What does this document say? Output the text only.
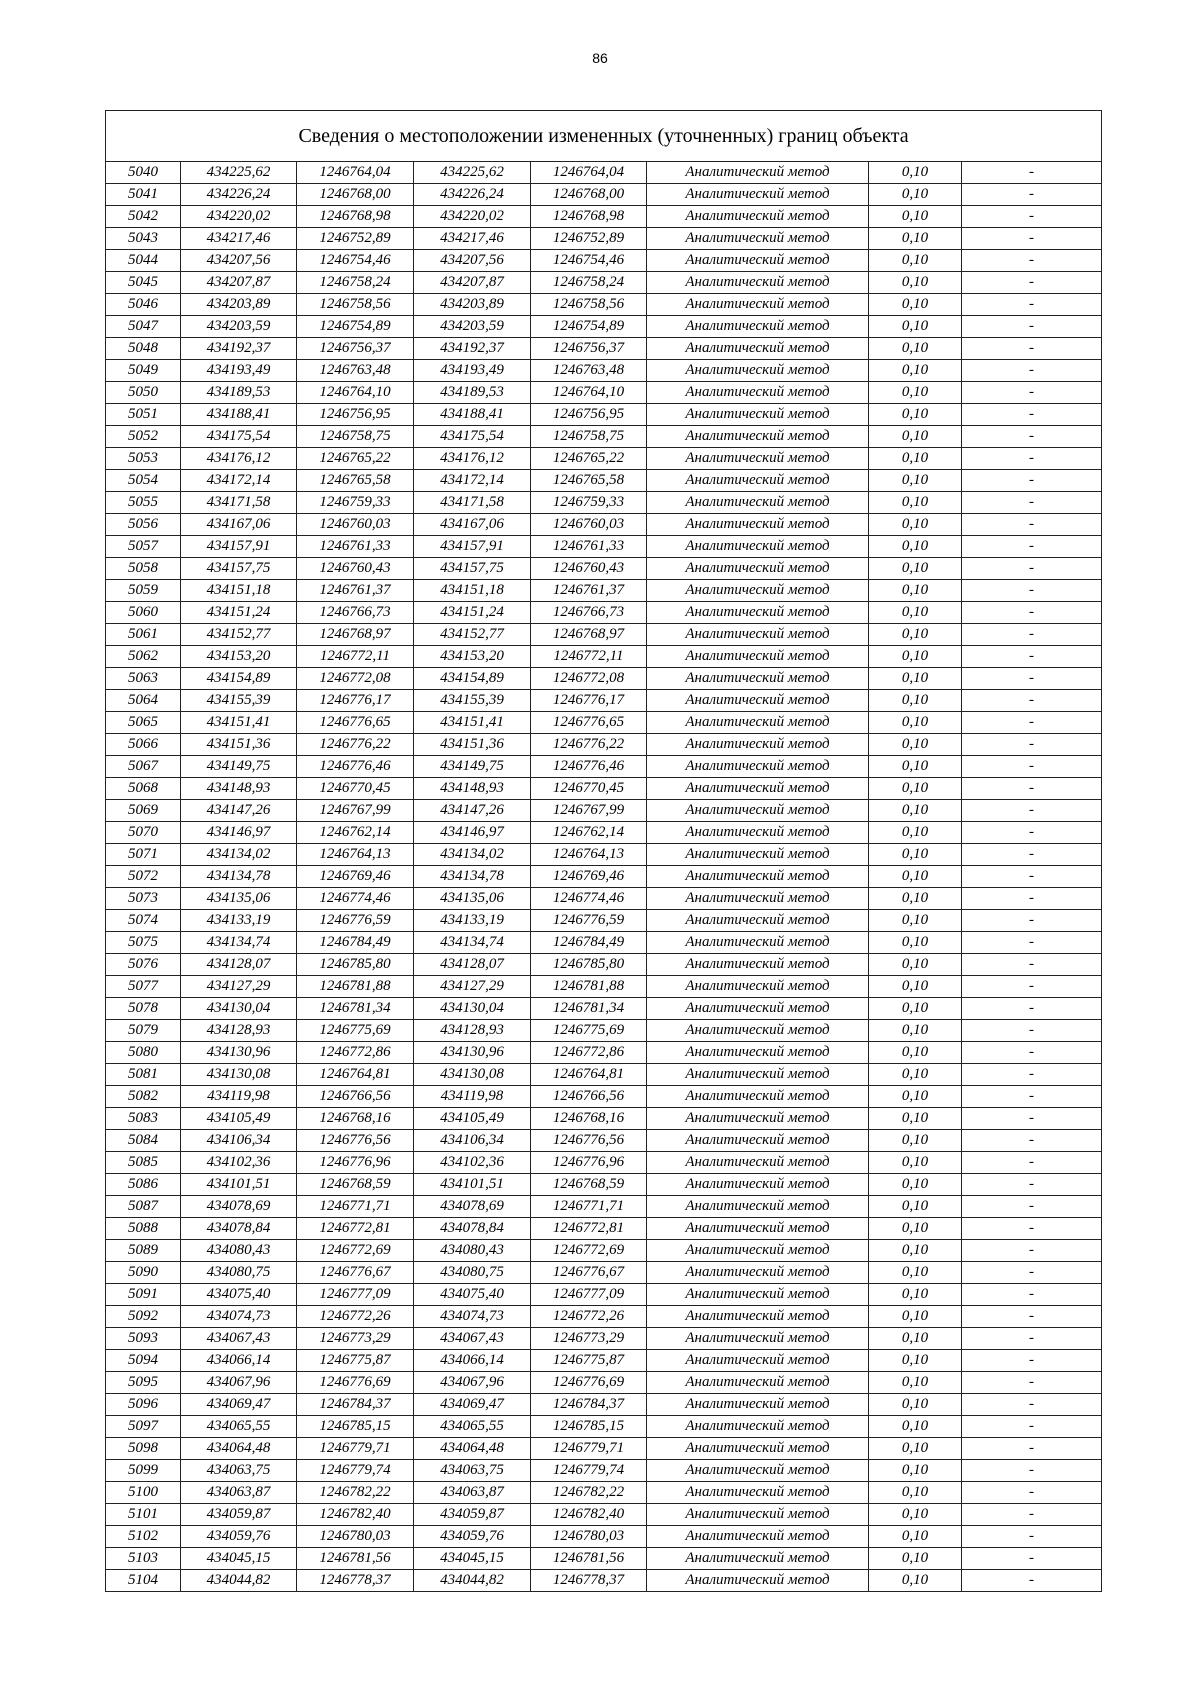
86
Сведения о местоположении измененных (уточненных) границ объекта							
5040	434225,62	1246764,04	434225,62	1246764,04	Аналитический метод	0,10	-
5041	434226,24	1246768,00	434226,24	1246768,00	Аналитический метод	0,10	-
5042	434220,02	1246768,98	434220,02	1246768,98	Аналитический метод	0,10	-
5043	434217,46	1246752,89	434217,46	1246752,89	Аналитический метод	0,10	-
5044	434207,56	1246754,46	434207,56	1246754,46	Аналитический метод	0,10	-
5045	434207,87	1246758,24	434207,87	1246758,24	Аналитический метод	0,10	-
5046	434203,89	1246758,56	434203,89	1246758,56	Аналитический метод	0,10	-
5047	434203,59	1246754,89	434203,59	1246754,89	Аналитический метод	0,10	-
5048	434192,37	1246756,37	434192,37	1246756,37	Аналитический метод	0,10	-
5049	434193,49	1246763,48	434193,49	1246763,48	Аналитический метод	0,10	-
5050	434189,53	1246764,10	434189,53	1246764,10	Аналитический метод	0,10	-
5051	434188,41	1246756,95	434188,41	1246756,95	Аналитический метод	0,10	-
5052	434175,54	1246758,75	434175,54	1246758,75	Аналитический метод	0,10	-
5053	434176,12	1246765,22	434176,12	1246765,22	Аналитический метод	0,10	-
5054	434172,14	1246765,58	434172,14	1246765,58	Аналитический метод	0,10	-
5055	434171,58	1246759,33	434171,58	1246759,33	Аналитический метод	0,10	-
5056	434167,06	1246760,03	434167,06	1246760,03	Аналитический метод	0,10	-
5057	434157,91	1246761,33	434157,91	1246761,33	Аналитический метод	0,10	-
5058	434157,75	1246760,43	434157,75	1246760,43	Аналитический метод	0,10	-
5059	434151,18	1246761,37	434151,18	1246761,37	Аналитический метод	0,10	-
5060	434151,24	1246766,73	434151,24	1246766,73	Аналитический метод	0,10	-
5061	434152,77	1246768,97	434152,77	1246768,97	Аналитический метод	0,10	-
5062	434153,20	1246772,11	434153,20	1246772,11	Аналитический метод	0,10	-
5063	434154,89	1246772,08	434154,89	1246772,08	Аналитический метод	0,10	-
5064	434155,39	1246776,17	434155,39	1246776,17	Аналитический метод	0,10	-
5065	434151,41	1246776,65	434151,41	1246776,65	Аналитический метод	0,10	-
5066	434151,36	1246776,22	434151,36	1246776,22	Аналитический метод	0,10	-
5067	434149,75	1246776,46	434149,75	1246776,46	Аналитический метод	0,10	-
5068	434148,93	1246770,45	434148,93	1246770,45	Аналитический метод	0,10	-
5069	434147,26	1246767,99	434147,26	1246767,99	Аналитический метод	0,10	-
5070	434146,97	1246762,14	434146,97	1246762,14	Аналитический метод	0,10	-
5071	434134,02	1246764,13	434134,02	1246764,13	Аналитический метод	0,10	-
5072	434134,78	1246769,46	434134,78	1246769,46	Аналитический метод	0,10	-
5073	434135,06	1246774,46	434135,06	1246774,46	Аналитический метод	0,10	-
5074	434133,19	1246776,59	434133,19	1246776,59	Аналитический метод	0,10	-
5075	434134,74	1246784,49	434134,74	1246784,49	Аналитический метод	0,10	-
5076	434128,07	1246785,80	434128,07	1246785,80	Аналитический метод	0,10	-
5077	434127,29	1246781,88	434127,29	1246781,88	Аналитический метод	0,10	-
5078	434130,04	1246781,34	434130,04	1246781,34	Аналитический метод	0,10	-
5079	434128,93	1246775,69	434128,93	1246775,69	Аналитический метод	0,10	-
5080	434130,96	1246772,86	434130,96	1246772,86	Аналитический метод	0,10	-
5081	434130,08	1246764,81	434130,08	1246764,81	Аналитический метод	0,10	-
5082	434119,98	1246766,56	434119,98	1246766,56	Аналитический метод	0,10	-
5083	434105,49	1246768,16	434105,49	1246768,16	Аналитический метод	0,10	-
5084	434106,34	1246776,56	434106,34	1246776,56	Аналитический метод	0,10	-
5085	434102,36	1246776,96	434102,36	1246776,96	Аналитический метод	0,10	-
5086	434101,51	1246768,59	434101,51	1246768,59	Аналитический метод	0,10	-
5087	434078,69	1246771,71	434078,69	1246771,71	Аналитический метод	0,10	-
5088	434078,84	1246772,81	434078,84	1246772,81	Аналитический метод	0,10	-
5089	434080,43	1246772,69	434080,43	1246772,69	Аналитический метод	0,10	-
5090	434080,75	1246776,67	434080,75	1246776,67	Аналитический метод	0,10	-
5091	434075,40	1246777,09	434075,40	1246777,09	Аналитический метод	0,10	-
5092	434074,73	1246772,26	434074,73	1246772,26	Аналитический метод	0,10	-
5093	434067,43	1246773,29	434067,43	1246773,29	Аналитический метод	0,10	-
5094	434066,14	1246775,87	434066,14	1246775,87	Аналитический метод	0,10	-
5095	434067,96	1246776,69	434067,96	1246776,69	Аналитический метод	0,10	-
5096	434069,47	1246784,37	434069,47	1246784,37	Аналитический метод	0,10	-
5097	434065,55	1246785,15	434065,55	1246785,15	Аналитический метод	0,10	-
5098	434064,48	1246779,71	434064,48	1246779,71	Аналитический метод	0,10	-
5099	434063,75	1246779,74	434063,75	1246779,74	Аналитический метод	0,10	-
5100	434063,87	1246782,22	434063,87	1246782,22	Аналитический метод	0,10	-
5101	434059,87	1246782,40	434059,87	1246782,40	Аналитический метод	0,10	-
5102	434059,76	1246780,03	434059,76	1246780,03	Аналитический метод	0,10	-
5103	434045,15	1246781,56	434045,15	1246781,56	Аналитический метод	0,10	-
5104	434044,82	1246778,37	434044,82	1246778,37	Аналитический метод	0,10	-
